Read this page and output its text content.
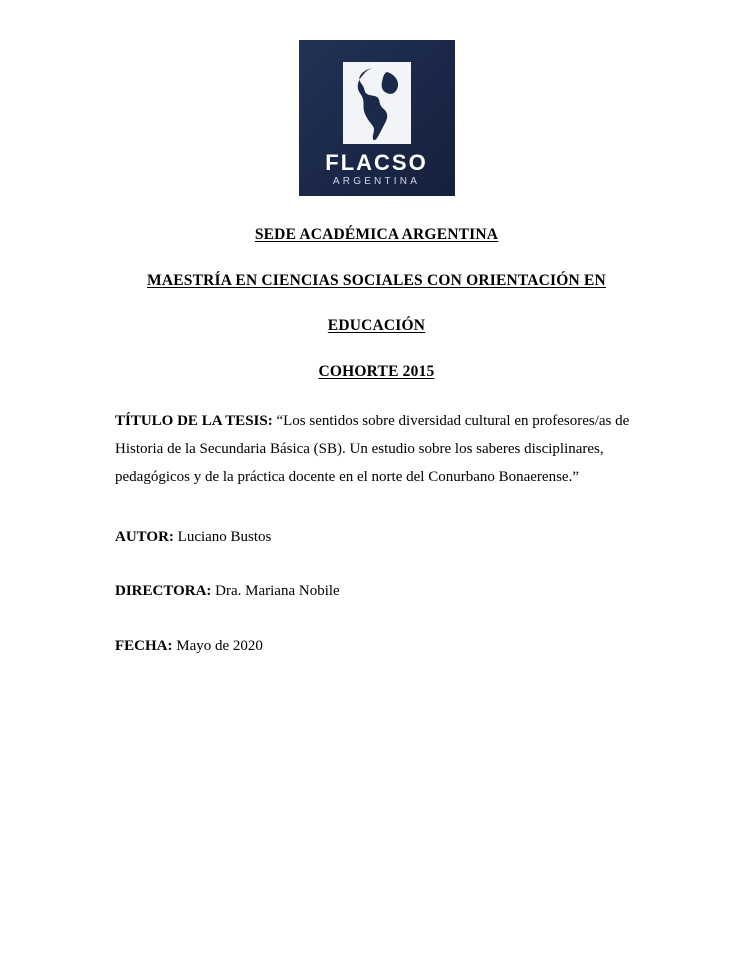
FLACSO
ARGENTINA
SEDE ACADÉMICA ARGENTINA
MAESTRÍA EN CIENCIAS SOCIALES CON ORIENTACIÓN EN
EDUCACIÓN
COHORTE 2015

TÍTULO DE LA TESIS: “Los sentidos sobre diversidad cultural en profesores/as de Historia de la Secundaria Básica (SB). Un estudio sobre los saberes disciplinares, pedagógicos y de la práctica docente en el norte del Conurbano Bonaerense.”

AUTOR: Luciano Bustos

DIRECTORA: Dra. Mariana Nobile

FECHA: Mayo de 2020
